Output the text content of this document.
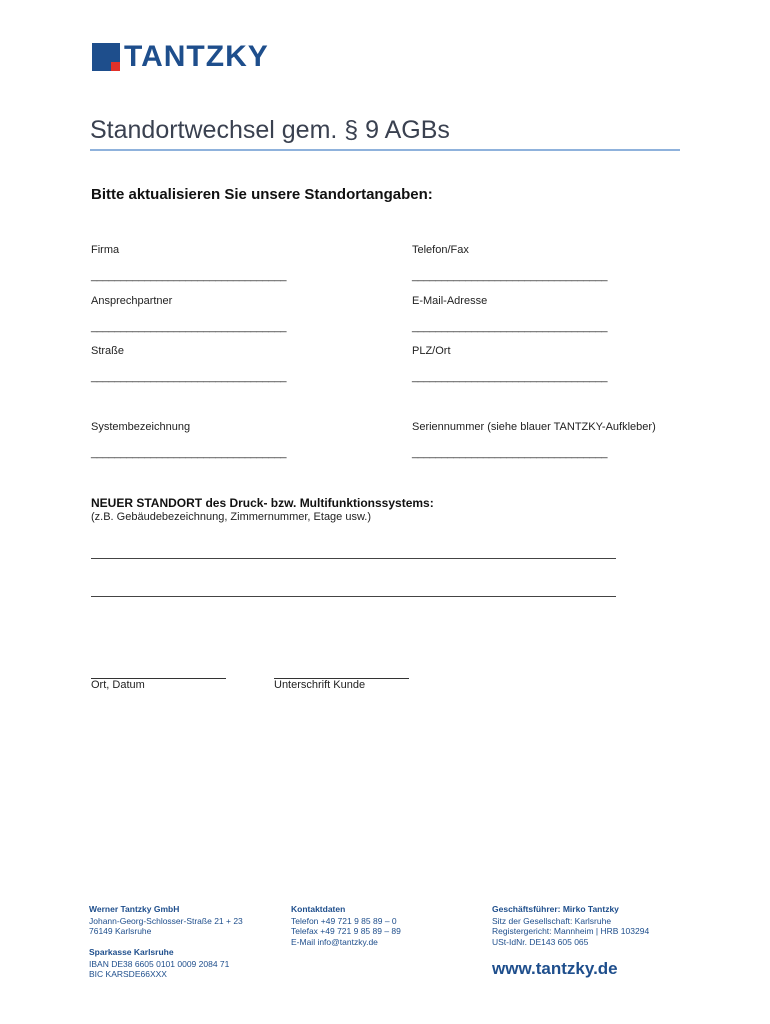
TANTZKY
Standortwechsel gem. § 9 AGBs
Bitte aktualisieren Sie unsere Standortangaben:
Firma
_________________________________
Telefon/Fax
_________________________________
Ansprechpartner
_________________________________
E-Mail-Adresse
_________________________________
Straße
_________________________________
PLZ/Ort
_________________________________
Systembezeichnung
_________________________________
Seriennummer (siehe blauer TANTZKY-Aufkleber)
_________________________________
NEUER STANDORT des Druck- bzw. Multifunktionssystems:
(z.B. Gebäudebezeichnung, Zimmernummer, Etage usw.)
Ort, Datum	Unterschrift Kunde
Werner Tantzky GmbH
Johann-Georg-Schlosser-Straße 21 + 23
76149 Karlsruhe
Sparkasse Karlsruhe
IBAN DE38 6605 0101 0009 2084 71
BIC KARSDE66XXX
Kontaktdaten
Telefon +49 721 9 85 89 – 0
Telefax +49 721 9 85 89 – 89
E-Mail info@tantzky.de
Geschäftsführer: Mirko Tantzky
Sitz der Gesellschaft: Karlsruhe
Registergericht: Mannheim | HRB 103294
USt-IdNr. DE143 605 065
www.tantzky.de
